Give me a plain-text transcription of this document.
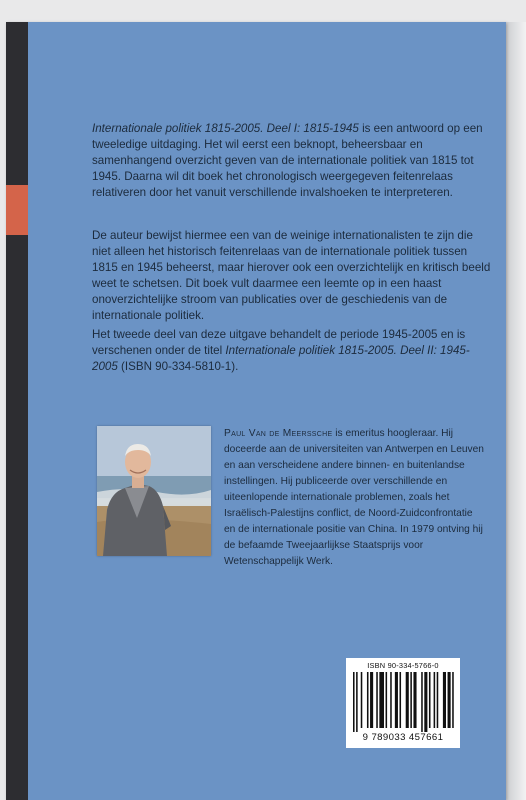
Internationale politiek 1815-2005. Deel I: 1815-1945 is een antwoord op een tweeledige uitdaging. Het wil eerst een beknopt, beheersbaar en samenhangend overzicht geven van de internationale politiek van 1815 tot 1945. Daarna wil dit boek het chronologisch weergegeven feitenrelaas relativeren door het vanuit verschillende invalshoeken te interpreteren.

De auteur bewijst hiermee een van de weinige internationalisten te zijn die niet alleen het historisch feitenrelaas van de internationale politiek tussen 1815 en 1945 beheerst, maar hierover ook een overzichtelijk en kritisch beeld weet te schetsen. Dit boek vult daarmee een leemte op in een haast onoverzichtelijke stroom van publicaties over de geschiedenis van de internationale politiek.

Het tweede deel van deze uitgave behandelt de periode 1945-2005 en is verschenen onder de titel Internationale politiek 1815-2005. Deel II: 1945-2005 (ISBN 90-334-5810-1).

Paul Van de Meerssche is emeritus hoogleraar. Hij doceerde aan de universiteiten van Antwerpen en Leuven en aan verscheidene andere binnen- en buitenlandse instellingen. Hij publiceerde over verschillende en uiteenlopende internationale problemen, zoals het Israëlisch-Palestijns conflict, de Noord-Zuidconfrontatie en de internationale positie van China. In 1979 ontving hij de befaamde Tweejaarlijkse Staatsprijs voor Wetenschappelijk Werk.

ISBN 90-334-5766-0
9 789033 457661
